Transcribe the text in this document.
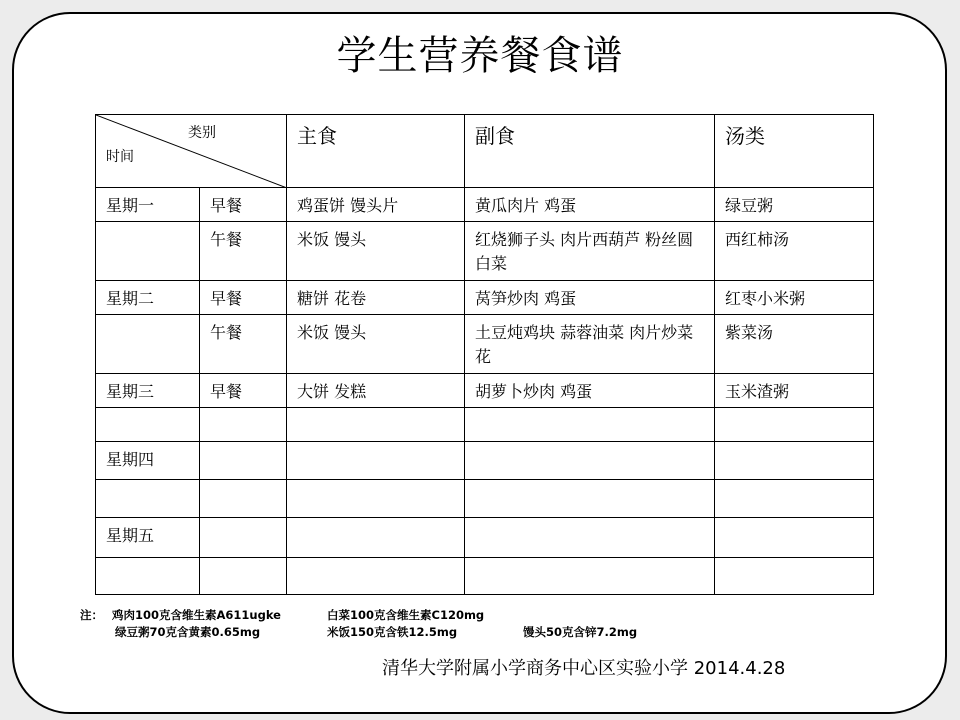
学生营养餐食谱
类别
时间		主食	副食	汤类
星期一	早餐	鸡蛋饼 馒头片	黄瓜肉片 鸡蛋	绿豆粥
	午餐	米饭 馒头	红烧狮子头 肉片西葫芦 粉丝圆白菜	西红柿汤
星期二	早餐	糖饼 花卷	莴笋炒肉 鸡蛋	红枣小米粥
	午餐	米饭 馒头	土豆炖鸡块 蒜蓉油菜 肉片炒菜花	紫菜汤
星期三	早餐	大饼 发糕	胡萝卜炒肉 鸡蛋	玉米渣粥

星期四				

星期五				

注： 鸡肉100克含维生素A611ugke	白菜100克含维生素C120mg
绿豆粥70克含黄素0.65mg	米饭150克含铁12.5mg	馒头50克含锌7.2mg
清华大学附属小学商务中心区实验小学 2014.4.28
